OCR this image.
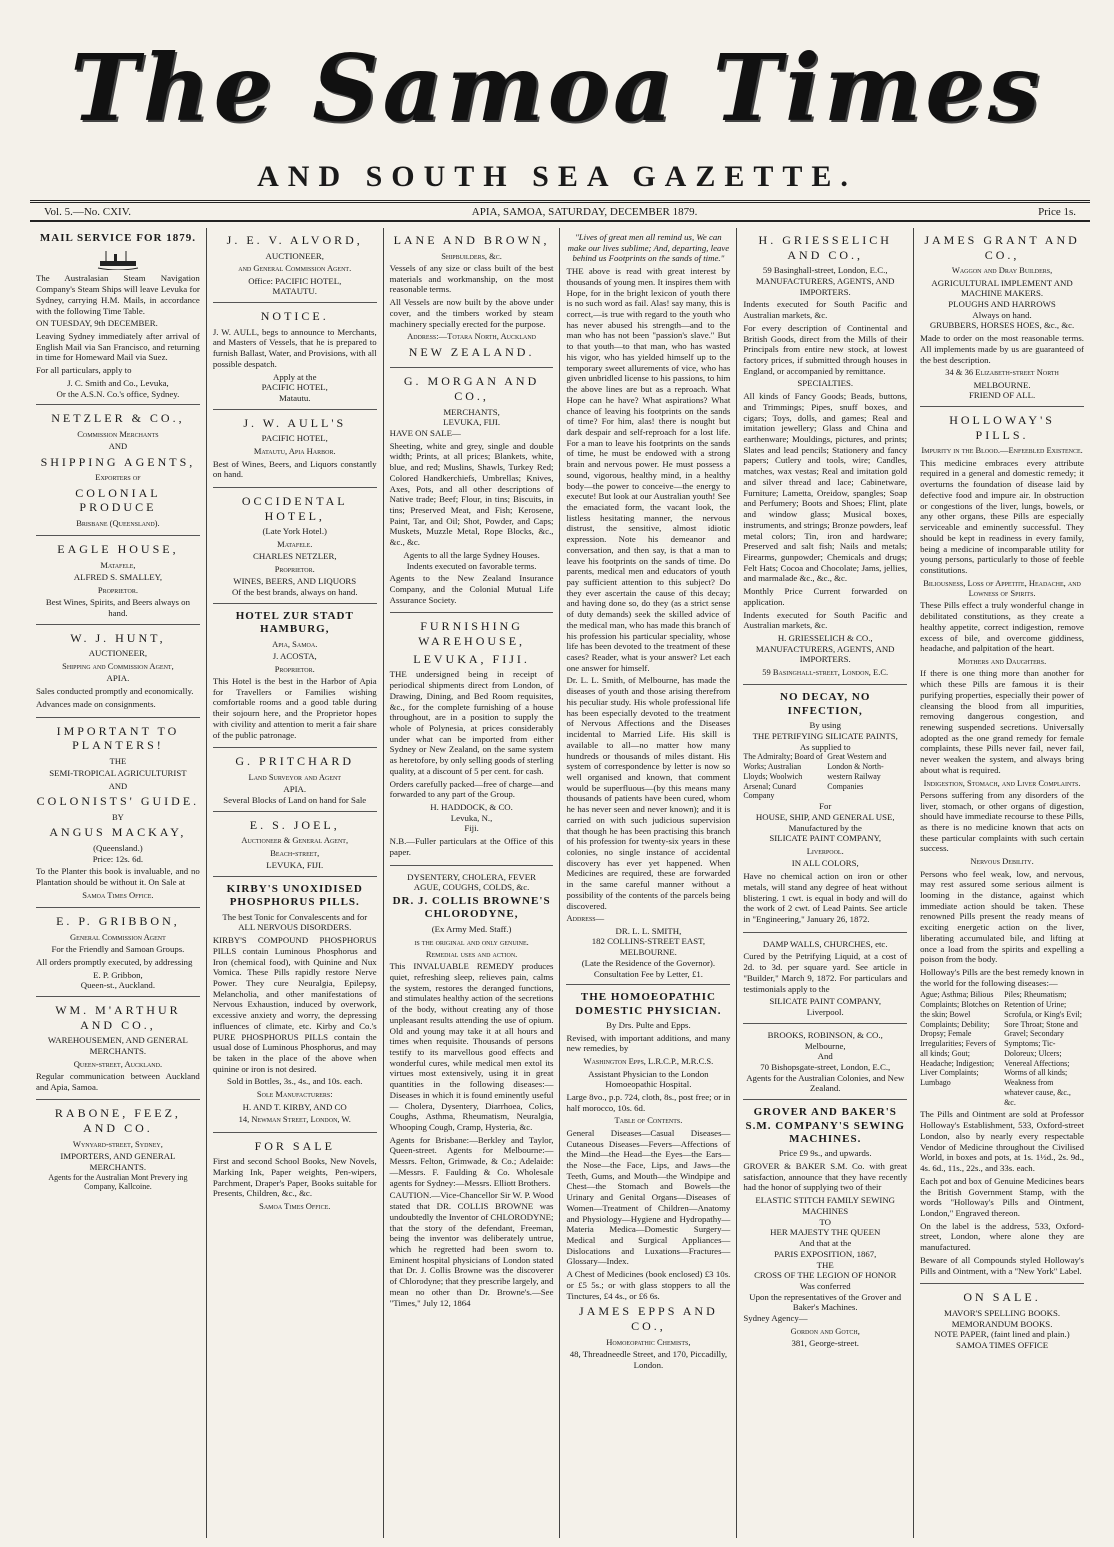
The Samoa Times
AND SOUTH SEA GAZETTE.
Vol. 5.—No. CXIV.	APIA, SAMOA, SATURDAY, DECEMBER 1879.	Price 1s.
MAIL SERVICE FOR 1879.

The Australasian Steam Navigation Company's Steam Ships will leave Levuka for Sydney, carrying H.M. Mails, in accordance with the following Time Table.

ON TUESDAY, 9th DECEMBER.

Leaving Sydney immediately after arrival of English Mail via San Francisco, and returning in time for Homeward Mail via Suez.

For all particulars, apply to

J. C. Smith and Co., Levuka,
Or the A.S.N. Co.'s office, Sydney.
NETZLER & CO.,
Commission Merchants
AND
SHIPPING AGENTS,
Exporters of
COLONIAL PRODUCE
Brisbane (Queensland).
EAGLE HOUSE,
Matafele,
ALFRED S. SMALLEY,
Proprietor.
Best Wines, Spirits, and Beers always on hand.
W. J. HUNT,
AUCTIONEER,
Shipping and Commission Agent,
APIA.

Sales conducted promptly and economically.

Advances made on consignments.

IMPORTANT TO PLANTERS!
THE
SEMI-TROPICAL AGRICULTURIST
AND
COLONISTS' GUIDE.
BY
ANGUS MACKAY,
(Queensland.)
Price: 12s. 6d.

To the Planter this book is invaluable, and no Plantation should be without it. On Sale at

Samoa Times Office.
E. P. GRIBBON,
General Commission Agent
For the Friendly and Samoan Groups.

All orders promptly executed, by addressing

E. P. Gribbon,
Queen-st., Auckland.
WM. M'ARTHUR AND CO.,
WAREHOUSEMEN, AND GENERAL
MERCHANTS.
Queen-street, Auckland.

Regular communication between Auckland and Apia, Samoa.

RABONE, FEEZ, AND CO.
Wynyard-street, Sydney,
IMPORTERS, AND GENERAL
MERCHANTS.
Agents for the Australian Mont Prevery ing Company, Kallcoine.
J. E. V. ALVORD,
AUCTIONEER,
and General Commission Agent.
Office: PACIFIC HOTEL,
MATAUTU.
NOTICE.

J. W. AULL, begs to announce to Merchants, and Masters of Vessels, that he is prepared to furnish Ballast, Water, and Provisions, with all possible despatch.

Apply at the
PACIFIC HOTEL,
Matautu.
J. W. AULL'S
PACIFIC HOTEL,
Matautu, Apia Harbor.

Best of Wines, Beers, and Liquors constantly on hand.

OCCIDENTAL HOTEL,
(Late York Hotel.)
Matafele.
CHARLES NETZLER,
Proprietor.
WINES, BEERS, AND LIQUORS
Of the best brands, always on hand.
HOTEL ZUR STADT HAMBURG,
Apia, Samoa.
J. ACOSTA,
Proprietor.

This Hotel is the best in the Harbor of Apia for Travellers or Families wishing comfortable rooms and a good table during their sojourn here, and the Proprietor hopes with civility and attention to merit a fair share of the public patronage.

G. PRITCHARD
Land Surveyor and Agent
APIA.
Several Blocks of Land on hand for Sale
E. S. JOEL,
Auctioneer & General Agent,
Beach-street,
LEVUKA, FIJI.
KIRBY'S UNOXIDISED PHOSPHORUS PILLS.
The best Tonic for Convalescents and for
ALL NERVOUS DISORDERS.

KIRBY'S COMPOUND PHOSPHORUS PILLS contain Luminous Phosphorus and Iron (chemical food), with Quinine and Nux Vomica. These Pills rapidly restore Nerve Power. They cure Neuralgia, Epilepsy, Melancholia, and other manifestations of Nervous Exhaustion, induced by overwork, excessive anxiety and worry, the depressing influences of climate, etc. Kirby and Co.'s PURE PHOSPHORUS PILLS contain the usual dose of Luminous Phosphorus, and may be taken in the place of the above when quinine or iron is not desired.

Sold in Bottles, 3s., 4s., and 10s. each.
Sole Manufacturers:
H. AND T. KIRBY, AND CO
14, Newman Street, London, W.
FOR SALE

First and second School Books, New Novels, Marking Ink, Paper weights, Pen-wipers, Parchment, Draper's Paper, Books suitable for Presents, Children, &c., &c.

Samoa Times Office.
LANE AND BROWN,
Shipbuilders, &c.

Vessels of any size or class built of the best materials and workmanship, on the most reasonable terms.

All Vessels are now built by the above under cover, and the timbers worked by steam machinery specially erected for the purpose.

Address:—Totara North, Auckland
NEW ZEALAND.
G. MORGAN AND CO.,
MERCHANTS,
LEVUKA, FIJI.
HAVE ON SALE—

Sheeting, white and grey, single and double width; Prints, at all prices; Blankets, white, blue, and red; Muslins, Shawls, Turkey Red; Colored Handkerchiefs, Umbrellas; Knives, Axes, Pots, and all other descriptions of Native trade; Beef; Flour, in tins; Biscuits, in tins; Preserved Meat, and Fish; Kerosene, Paint, Tar, and Oil; Shot, Powder, and Caps; Muskets, Muzzle Metal, Rope Blocks, &c., &c., &c.

Agents to all the large Sydney Houses.
Indents executed on favorable terms.

Agents to the New Zealand Insurance Company, and the Colonial Mutual Life Assurance Society.

FURNISHING WAREHOUSE,
LEVUKA, FIJI.

THE undersigned being in receipt of periodical shipments direct from London, of Drawing, Dining, and Bed Room requisites, &c., for the complete furnishing of a house throughout, are in a position to supply the whole of Polynesia, at prices considerably under what can be imported from either Sydney or New Zealand, on the same system as heretofore, by only selling goods of sterling quality, at a discount of 5 per cent. for cash.

Orders carefully packed—free of charge—and forwarded to any part of the Group.

H. HADDOCK, & CO.
Levuka, N.,
Fiji.

N.B.—Fuller particulars at the Office of this paper.

DYSENTERY, CHOLERA, FEVER
AGUE, COUGHS, COLDS, &c.
DR. J. COLLIS BROWNE'S CHLORODYNE,
(Ex Army Med. Staff.)
is the original and only genuine.
Remedial uses and action.

This INVALUABLE REMEDY produces quiet, refreshing sleep, relieves pain, calms the system, restores the deranged functions, and stimulates healthy action of the secretions of the body, without creating any of those unpleasant results attending the use of opium. Old and young may take it at all hours and times when requisite. Thousands of persons testify to its marvellous good effects and wonderful cures, while medical men extol its virtues most extensively, using it in great quantities in the following diseases:— Diseases in which it is found eminently useful — Cholera, Dysentery, Diarrhoea, Colics, Coughs, Asthma, Rheumatism, Neuralgia, Whooping Cough, Cramp, Hysteria, &c.

Agents for Brisbane:—Berkley and Taylor, Queen-street. Agents for Melbourne:—Messrs. Felton, Grimwade, & Co.; Adelaide:—Messrs. F. Faulding & Co. Wholesale agents for Sydney:—Messrs. Elliott Brothers.

CAUTION.—Vice-Chancellor Sir W. P. Wood stated that DR. COLLIS BROWNE was undoubtedly the Inventor of CHLORODYNE; that the story of the defendant, Freeman, being the inventor was deliberately untrue, which he regretted had been sworn to. Eminent hospital physicians of London stated that Dr. J. Collis Browne was the discoverer of Chlorodyne; that they prescribe largely, and mean no other than Dr. Browne's.—See "Times," July 12, 1864

"Lives of great men all remind us, We can make our lives sublime; And, departing, leave behind us Footprints on the sands of time."

THE above is read with great interest by thousands of young men. It inspires them with Hope, for in the bright lexicon of youth there is no such word as fail. Alas! say many, this is correct,—is true with regard to the youth who has never abused his strength—and to the man who has not been "passion's slave." But to that youth—to that man, who has wasted his vigor, who has yielded himself up to the temporary sweet allurements of vice, who has given unbridled license to his passions, to him the above lines are but as a reproach. What Hope can he have? What aspirations? What chance of leaving his footprints on the sands of time? For him, alas! there is nought but dark despair and self-reproach for a lost life. For a man to leave his footprints on the sands of time, he must be endowed with a strong brain and nervous power. He must possess a sound, vigorous, healthy mind, in a healthy body—the power to conceive—the energy to execute! But look at our Australian youth! See the emaciated form, the vacant look, the listless hesitating manner, the nervous distrust, the sensitive, almost idiotic expression. Note his demeanor and conversation, and then say, is that a man to leave his footprints on the sands of time. Do parents, medical men and educators of youth pay sufficient attention to this subject? Do they ever ascertain the cause of this decay; and having done so, do they (as a strict sense of duty demands) seek the skilled advice of the medical man, who has made this branch of his profession his particular speciality, whose life has been devoted to the treatment of these cases? Reader, what is your answer? Let each one answer for himself.

Dr. L. L. Smith, of Melbourne, has made the diseases of youth and those arising therefrom his peculiar study. His whole professional life has been especially devoted to the treatment of Nervous Affections and the Diseases incidental to Married Life. His skill is available to all—no matter how many hundreds or thousands of miles distant. His system of correspondence by letter is now so well organised and known, that comment would be superfluous—(by this means many thousands of patients have been cured, whom he has never seen and never known); and it is carried on with such judicious supervision that though he has been practising this branch of his profession for twenty-six years in these colonies, no single instance of accidental discovery has ever yet happened. When Medicines are required, these are forwarded in the same careful manner without a possibility of the contents of the parcels being discovered.

Address—
DR. L. L. SMITH,
182 COLLINS-STREET EAST,
MELBOURNE.
(Late the Residence of the Governor).
Consultation Fee by Letter, £1.
THE HOMOEOPATHIC DOMESTIC PHYSICIAN.
By Drs. Pulte and Epps.

Revised, with important additions, and many new remedies, by

Washington Epps, L.R.C.P., M.R.C.S.
Assistant Physician to the London Homoeopathic Hospital.

Large 8vo., p.p. 724, cloth, 8s., post free; or in half morocco, 10s. 6d.

Table of Contents.

General Diseases—Casual Diseases—Cutaneous Diseases—Fevers—Affections of the Mind—the Head—the Eyes—the Ears—the Nose—the Face, Lips, and Jaws—the Teeth, Gums, and Mouth—the Windpipe and Chest—the Stomach and Bowels—the Urinary and Genital Organs—Diseases of Women—Treatment of Children—Anatomy and Physiology—Hygiene and Hydropathy—Materia Medica—Domestic Surgery—Medical and Surgical Appliances—Dislocations and Luxations—Fractures—Glossary—Index.

A Chest of Medicines (book enclosed) £3 10s. or £5 5s.; or with glass stoppers to all the Tinctures, £4 4s., or £6 6s.

JAMES EPPS AND CO.,
Homoeopathic Chemists,
48, Threadneedle Street, and 170, Piccadilly, London.
H. GRIESSELICH AND CO.,
59 Basinghall-street, London, E.C.,
MANUFACTURERS, AGENTS, AND IMPORTERS.

Indents executed for South Pacific and Australian markets, &c.

For every description of Continental and British Goods, direct from the Mills of their Principals from entire new stock, at lowest factory prices, if submitted through houses in England, or accompanied by remittance.

SPECIALTIES.

All kinds of Fancy Goods; Beads, buttons, and Trimmings; Pipes, snuff boxes, and cigars; Toys, dolls, and games; Real and imitation jewellery; Glass and China and earthenware; Mouldings, pictures, and prints; Slates and lead pencils; Stationery and fancy papers; Cutlery and tools, wire; Candles, matches, wax vestas; Real and imitation gold and silver thread and lace; Cabinetware, Furniture; Lametta, Oreidow, spangles; Soap and Perfumery; Boots and Shoes; Flint, plate and window glass; Musical boxes, instruments, and strings; Bronze powders, leaf metal colors; Tin, iron and hardware; Preserved and salt fish; Nails and metals; Firearms, gunpowder; Chemicals and drugs; Felt Hats; Cocoa and Chocolate; Jams, jellies, and marmalade &c., &c., &c.

Monthly Price Current forwarded on application.

Indents executed for South Pacific and Australian markets, &c.

H. GRIESSELICH & CO.,
MANUFACTURERS, AGENTS, AND IMPORTERS.
59 Basinghall-street, London, E.C.
NO DECAY, NO INFECTION,
By using
THE PETRIFYING SILICATE PAINTS,
As supplied to
The Admiralty; Board of Works; Australian Lloyds; Woolwich Arsenal; Cunard Company
Great Western and London & North-western Railway Companies
For
HOUSE, SHIP, AND GENERAL USE,
Manufactured by the
SILICATE PAINT COMPANY,
Liverpool.
IN ALL COLORS,

Have no chemical action on iron or other metals, will stand any degree of heat without blistering. 1 cwt. is equal in body and will do the work of 2 cwt. of Lead Paints. See article in "Engineering," January 26, 1872.

DAMP WALLS, CHURCHES, etc.

Cured by the Petrifying Liquid, at a cost of 2d. to 3d. per square yard. See article in "Builder," March 9, 1872. For particulars and testimonials apply to the

SILICATE PAINT COMPANY,
Liverpool.
BROOKS, ROBINSON, & CO.,
Melbourne,
And
70 Bishopsgate-street, London, E.C.,
Agents for the Australian Colonies, and New Zealand.
GROVER AND BAKER'S S.M. COMPANY'S SEWING MACHINES.
Price £9 9s., and upwards.

GROVER & BAKER S.M. Co. with great satisfaction, announce that they have recently had the honor of supplying two of their

ELASTIC STITCH FAMILY SEWING MACHINES
TO
HER MAJESTY THE QUEEN
And that at the
PARIS EXPOSITION, 1867,
THE
CROSS OF THE LEGION OF HONOR
Was conferred
Upon the representatives of the Grover and Baker's Machines.
Sydney Agency—
Gordon and Gotch,
381, George-street.
JAMES GRANT AND CO.,
Waggon and Dray Builders,
AGRICULTURAL IMPLEMENT AND
MACHINE MAKERS.
PLOUGHS AND HARROWS
Always on hand.
GRUBBERS, HORSES HOES, &c., &c.

Made to order on the most reasonable terms. All implements made by us are guaranteed of the best description.

34 & 36 Elizabeth-street North
MELBOURNE.
FRIEND OF ALL.
HOLLOWAY'S PILLS.
Impurity in the Blood.—Enfeebled Existence.

This medicine embraces every attribute required in a general and domestic remedy; it overturns the foundation of disease laid by defective food and impure air. In obstruction or congestions of the liver, lungs, bowels, or any other organs, these Pills are especially serviceable and eminently successful. They should be kept in readiness in every family, being a medicine of incomparable utility for young persons, particularly to those of feeble constitutions.

Biliousness, Loss of Appetite, Headache, and Lowness of Spirits.

These Pills effect a truly wonderful change in debilitated constitutions, as they create a healthy appetite, correct indigestion, remove excess of bile, and overcome giddiness, headache, and palpitation of the heart.

Mothers and Daughters.

If there is one thing more than another for which these Pills are famous it is their purifying properties, especially their power of cleansing the blood from all impurities, removing dangerous congestion, and renewing suspended secretions. Universally adopted as the one grand remedy for female complaints, these Pills never fail, never fail, never weaken the system, and always bring about what is required.

Indigestion, Stomach, and Liver Complaints.

Persons suffering from any disorders of the liver, stomach, or other organs of digestion, should have immediate recourse to these Pills, as there is no medicine known that acts on these particular complaints with such certain success.

Nervous Debility.

Persons who feel weak, low, and nervous, may rest assured some serious ailment is looming in the distance, against which immediate action should be taken. These renowned Pills present the ready means of exciting energetic action on the liver, liberating accumulated bile, and lifting at once a load from the spirits and expelling a poison from the body.

Holloway's Pills are the best remedy known in the world for the following diseases:—

Ague; Asthma; Bilious Complaints; Blotches on the skin; Bowel Complaints; Debility; Dropsy; Female Irregularities; Fevers of all kinds; Gout; Headache; Indigestion; Liver Complaints; Lumbago
Piles; Rheumatism; Retention of Urine; Scrofula, or King's Evil; Sore Throat; Stone and Gravel; Secondary Symptoms; Tic-Doloreux; Ulcers; Venereal Affections; Worms of all kinds; Weakness from whatever cause, &c., &c.

The Pills and Ointment are sold at Professor Holloway's Establishment, 533, Oxford-street London, also by nearly every respectable Vendor of Medicine throughout the Civilised World, in boxes and pots, at 1s. 1½d., 2s. 9d., 4s. 6d., 11s., 22s., and 33s. each.

Each pot and box of Genuine Medicines bears the British Government Stamp, with the words "Holloway's Pills and Ointment, London," Engraved thereon.

On the label is the address, 533, Oxford-street, London, where alone they are manufactured.

Beware of all Compounds styled Holloway's Pills and Ointment, with a "New York" Label.

ON SALE.
MAVOR'S SPELLING BOOKS.
MEMORANDUM BOOKS.
NOTE PAPER, (faint lined and plain.)
SAMOA TIMES OFFICE
